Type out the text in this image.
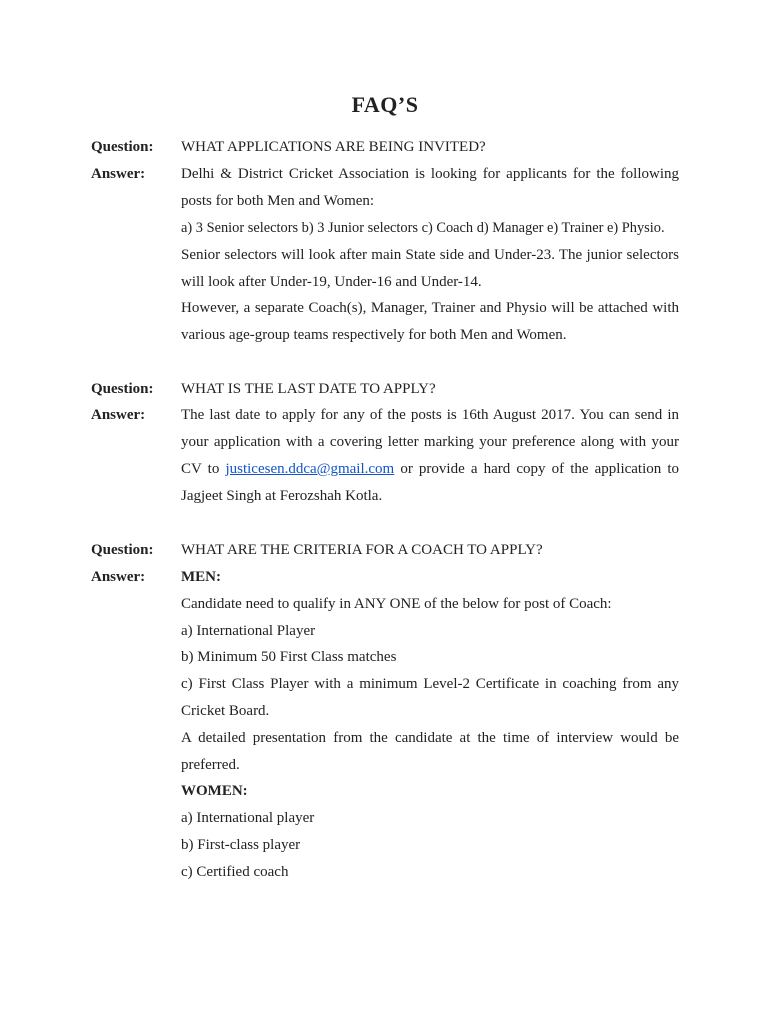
FAQ’S
Question: WHAT APPLICATIONS ARE BEING INVITED?
Answer: Delhi & District Cricket Association is looking for applicants for the following
posts for both Men and Women:
a) 3 Senior selectors b) 3 Junior selectors c) Coach d) Manager e) Trainer e) Physio.
Senior selectors will look after main State side and Under-23. The junior selectors
will look after Under-19, Under-16 and Under-14.
However, a separate Coach(s), Manager, Trainer and Physio will be attached with
various age-group teams respectively for both Men and Women.
Question: WHAT IS THE LAST DATE TO APPLY?
Answer: The last date to apply for any of the posts is 16th August 2017. You can send in
your application with a covering letter marking your preference along with your
CV to justicesen.ddca@gmail.com or provide a hard copy of the application to
Jagjeet Singh at Ferozshah Kotla.
Question: WHAT ARE THE CRITERIA FOR A COACH TO APPLY?
Answer: MEN:
Candidate need to qualify in ANY ONE of the below for post of Coach:
a) International Player
b) Minimum 50 First Class matches
c) First Class Player with a minimum Level-2 Certificate in coaching from any
Cricket Board.
A detailed presentation from the candidate at the time of interview would be
preferred.
WOMEN:
a) International player
b) First-class player
c) Certified coach
